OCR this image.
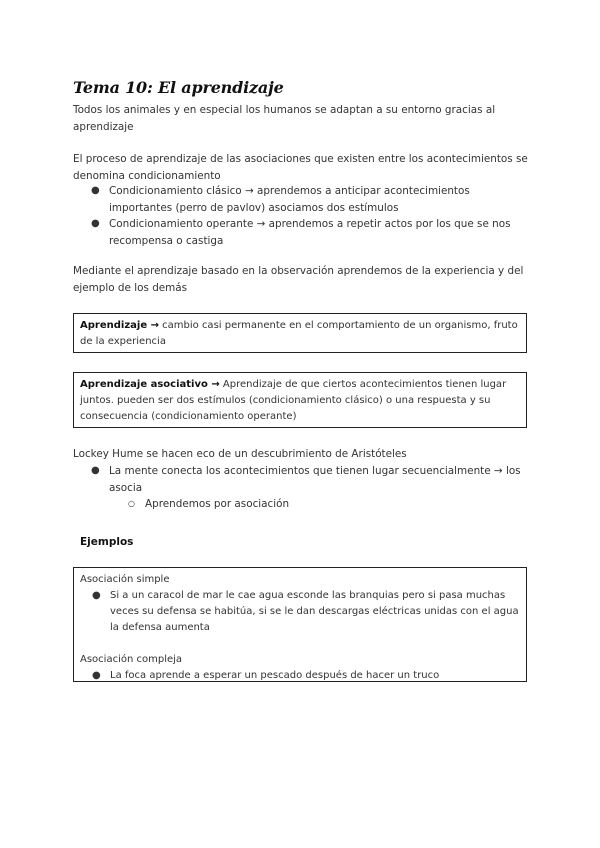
Tema 10: El aprendizaje
Todos los animales y en especial los humanos se adaptan a su entorno gracias al aprendizaje
El proceso de aprendizaje de las asociaciones que existen entre los acontecimientos se denomina condicionamiento
● Condicionamiento clásico → aprendemos a anticipar acontecimientos importantes (perro de pavlov) asociamos dos estímulos
● Condicionamiento operante → aprendemos a repetir actos por los que se nos recompensa o castiga
Mediante el aprendizaje basado en la observación aprendemos de la experiencia y del ejemplo de los demás
Aprendizaje → cambio casi permanente en el comportamiento de un organismo, fruto de la experiencia
Aprendizaje asociativo → Aprendizaje de que ciertos acontecimientos tienen lugar juntos. pueden ser dos estímulos (condicionamiento clásico) o una respuesta y su consecuencia (condicionamiento operante)
Lockey Hume se hacen eco de un descubrimiento de Aristóteles
● La mente conecta los acontecimientos que tienen lugar secuencialmente → los asocia
○ Aprendemos por asociación
Ejemplos
Asociación simple
● Si a un caracol de mar le cae agua esconde las branquias pero si pasa muchas veces su defensa se habitúa, si se le dan descargas eléctricas unidas con el agua la defensa aumenta
Asociación compleja
● La foca aprende a esperar un pescado después de hacer un truco
